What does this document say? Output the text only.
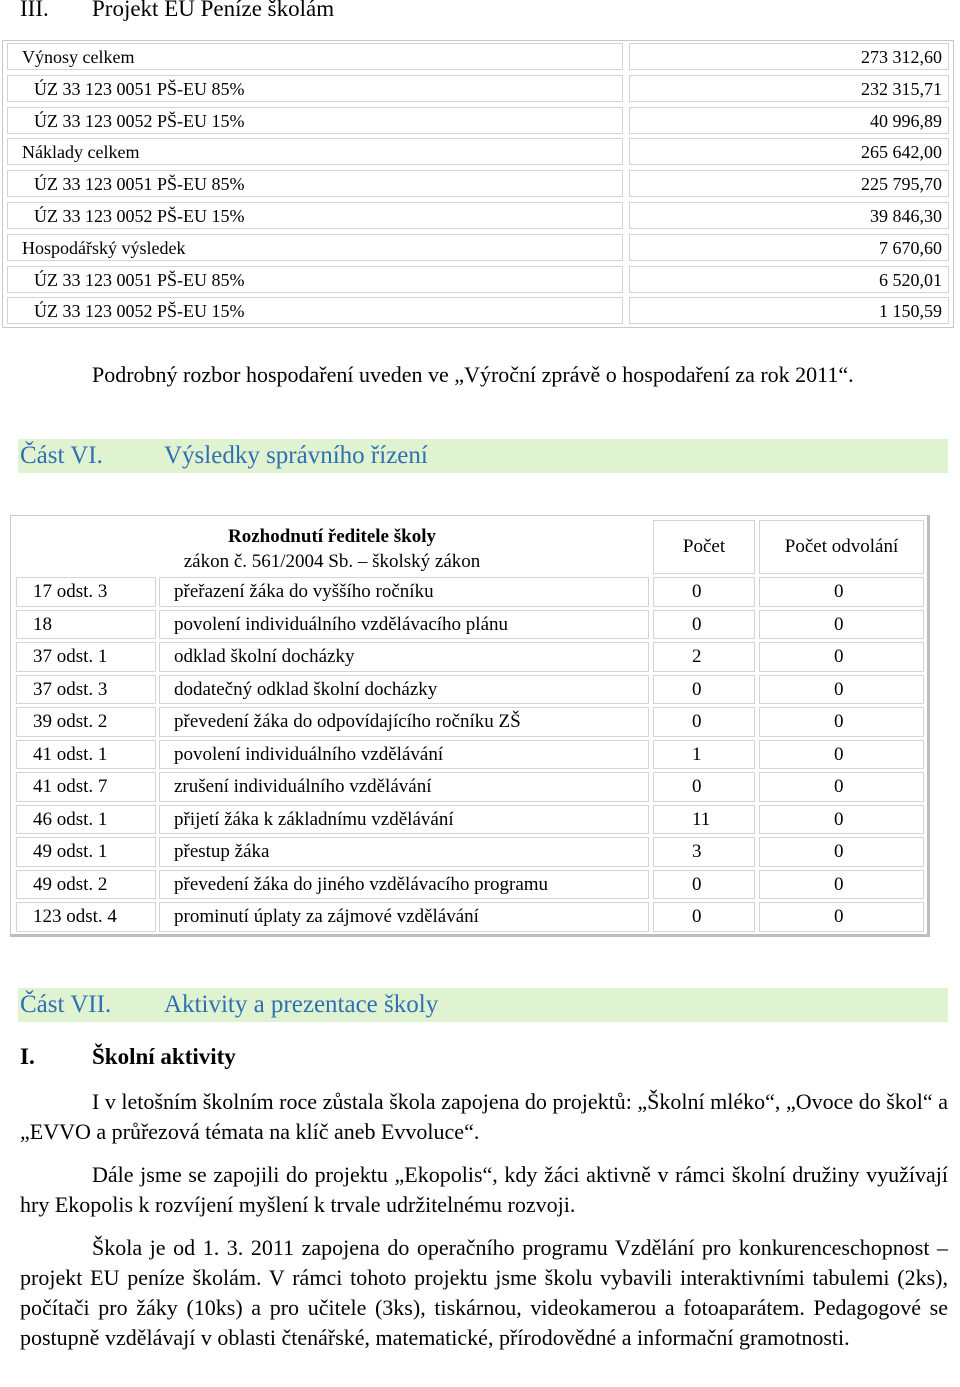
III. Projekt EU Peníze školám
Výnosy celkem	273 312,60
ÚZ 33 123 0051 PŠ-EU 85%	232 315,71
ÚZ 33 123 0052 PŠ-EU 15%	40 996,89
Náklady celkem	265 642,00
ÚZ 33 123 0051 PŠ-EU 85%	225 795,70
ÚZ 33 123 0052 PŠ-EU 15%	39 846,30
Hospodářský výsledek	7 670,60
ÚZ 33 123 0051 PŠ-EU 85%	6 520,01
ÚZ 33 123 0052 PŠ-EU 15%	1 150,59
Podrobný rozbor hospodaření uveden ve „Výroční zprávě o hospodaření za rok 2011“.
Část VI. Výsledky správního řízení
Rozhodnutí ředitele školy
zákon č. 561/2004 Sb. – školský zákon
Počet	Počet odvolání
17 odst. 3	přeřazení žáka do vyššího ročníku	0	0
18	povolení individuálního vzdělávacího plánu	0	0
37 odst. 1	odklad školní docházky	2	0
37 odst. 3	dodatečný odklad školní docházky	0	0
39 odst. 2	převedení žáka do odpovídajícího ročníku ZŠ	0	0
41 odst. 1	povolení individuálního vzdělávání	1	0
41 odst. 7	zrušení individuálního vzdělávání	0	0
46 odst. 1	přijetí žáka k základnímu vzdělávání	11	0
49 odst. 1	přestup žáka	3	0
49 odst. 2	převedení žáka do jiného vzdělávacího programu	0	0
123 odst. 4	prominutí úplaty za zájmové vzdělávání	0	0
Část VII. Aktivity a prezentace školy
I. Školní aktivity
I v letošním školním roce zůstala škola zapojena do projektů: „Školní mléko“, „Ovoce do škol“ a „EVVO a průřezová témata na klíč aneb Evvoluce“.
Dále jsme se zapojili do projektu „Ekopolis“, kdy žáci aktivně v rámci školní družiny využívají hry Ekopolis k rozvíjení myšlení k trvale udržitelnému rozvoji.
Škola je od 1. 3. 2011 zapojena do operačního programu Vzdělání pro konkurenceschopnost – projekt EU peníze školám. V rámci tohoto projektu jsme školu vybavili interaktivními tabulemi (2ks), počítači pro žáky (10ks) a pro učitele (3ks), tiskárnou, videokamerou a fotoaparátem. Pedagogové se postupně vzdělávají v oblasti čtenářské, matematické, přírodovědné a informační gramotnosti.
